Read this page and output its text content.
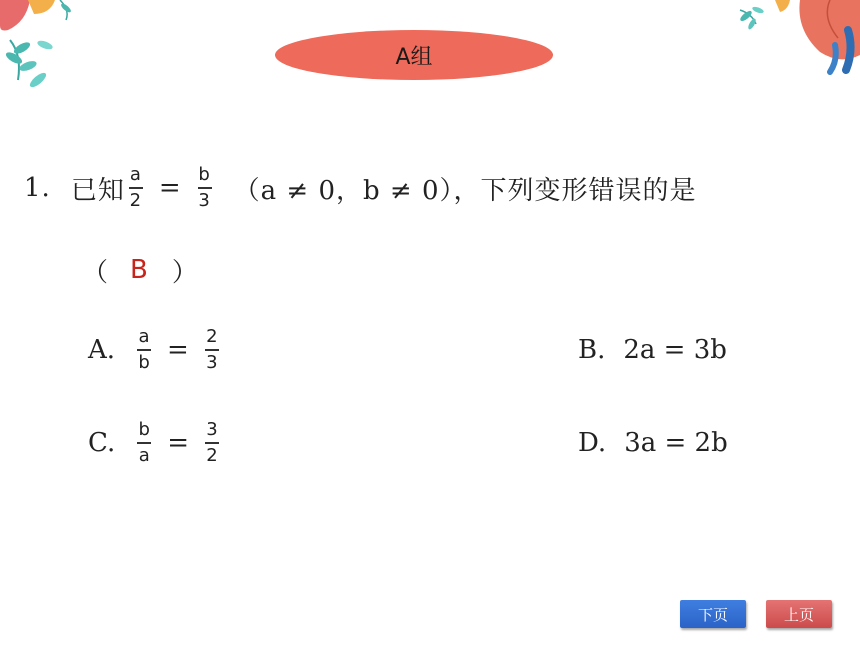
A组
1. 已知 $\frac{a}{2} = \frac{b}{3} (a \ne 0$，b ≠ 0），下列变形错误的是
（ B ）
A. $\frac{a}{b} = \frac{2}{3}$	B. 2a = 3b
C. $\frac{b}{a} = \frac{3}{2}$	D. 3a = 2b
下页	上页
